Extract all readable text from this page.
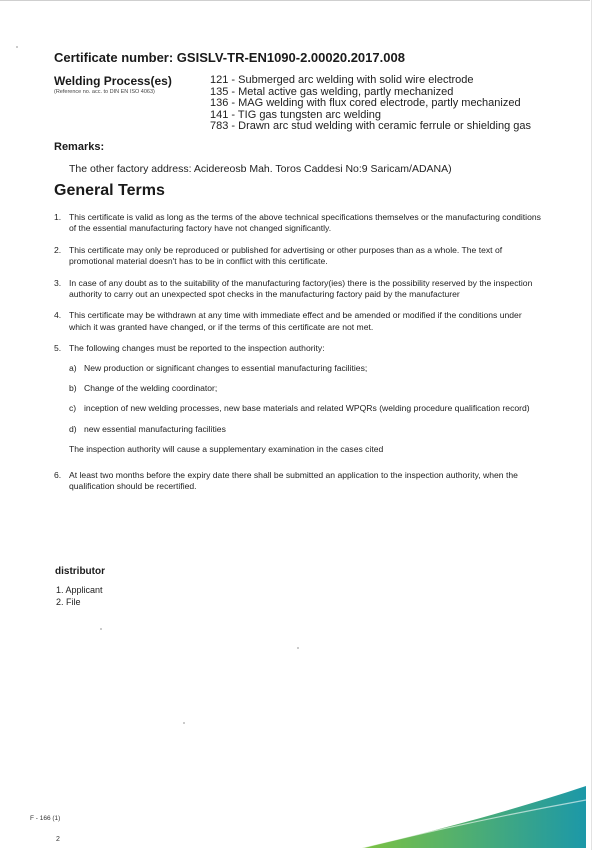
Certificate number: GSISLV-TR-EN1090-2.00020.2017.008
Welding Process(es)
(Reference no. acc. to DIN EN ISO 4063)
121 - Submerged arc welding with solid wire electrode
135 - Metal active gas welding, partly mechanized
136 - MAG welding with flux cored electrode, partly mechanized
141 - TIG gas tungsten arc welding
783 - Drawn arc stud welding with ceramic ferrule or shielding gas
Remarks:
The other factory address: Acidereosb Mah. Toros Caddesi No:9 Saricam/ADANA)
General Terms
1. This certificate is valid as long as the terms of the above technical specifications themselves or the manufacturing conditions of the essential manufacturing factory have not changed significantly.
2. This certificate may only be reproduced or published for advertising or other purposes than as a whole. The text of promotional material doesn't has to be in conflict with this certificate.
3. In case of any doubt as to the suitability of the manufacturing factory(ies) there is the possibility reserved by the inspection authority to carry out an unexpected spot checks in the manufacturing factory paid by the manufacturer
4. This certificate may be withdrawn at any time with immediate effect and be amended or modified if the conditions under which it was granted have changed, or if the terms of this certificate are not met.
5. The following changes must be reported to the inspection authority:
a) New production or significant changes to essential manufacturing facilities;
b) Change of the welding coordinator;
c) inception of new welding processes, new base materials and related WPQRs (welding procedure qualification record)
d) new essential manufacturing facilities
The inspection authority will cause a supplementary examination in the cases cited
6. At least two months before the expiry date there shall be submitted an application to the inspection authority, when the qualification should be recertified.
distributor
1. Applicant
2. File
F - 166 (1)
2
